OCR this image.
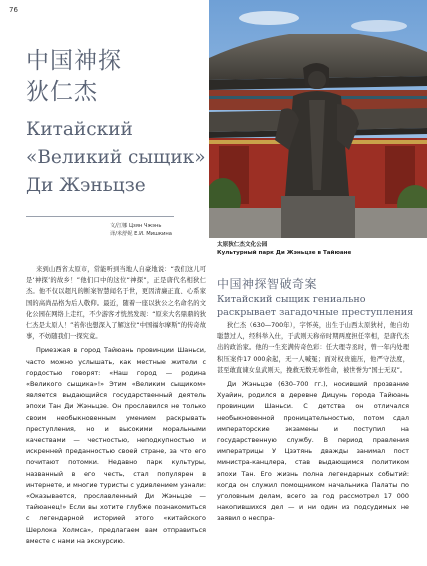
76
中国神探
狄仁杰
Китайский
«Великий сыщик»
Ди Жэньцзе
文/江娜 Цзян Чжэнь
译/米舒妮 Е.И. Мишкина
太原狄仁杰文化公园
Культурный парк Ди Жэньцзе в Тайюане

来到山西省太原市，常能听到当地人自豪地说：“我们这儿可是‘神探’的故乡！”他们口中的这位“神探”，正是唐代名相狄仁杰。他不仅以超凡的断案智慧闻名于世，更因清廉正直、心系家国的高尚品格为后人敬仰。最近，随着一座以狄公之名命名的文化公园在网络上走红，不少游客才恍然发现：“原来大名鼎鼎的狄仁杰是太原人！”若你也想深入了解这位“中国福尔摩斯”的传奇故事，不妨随我们一探究竟。

Приезжая в город Тайюань провинции Шаньси, часто можно услышать, как местные жители с гордостью говорят: «Наш город — родина «Великого сыщика»!» Этим «Великим сыщиком» является выдающийся государственный деятель эпохи Тан Ди Жэньцзе. Он прославился не только своим необыкновенным умением раскрывать преступления, но и высокими моральными качествами — честностью, неподкупностью и искренней преданностью своей стране, за что его почитают потомки. Недавно парк культуры, названный в его честь, стал популярен в интернете, и многие туристы с удивлением узнали: «Оказывается, прославленный Ди Жэньцзе — тайюанец!» Если вы хотите глубже познакомиться с легендарной историей этого «китайского Шерлока Холмса», предлагаем вам отправиться вместе с нами на экскурсию.

中国神探智破奇案
Китайский сыщик гениально раскрывает загадочные преступления

狄仁杰（630—700年），字怀英，出生于山西太原狄村，他自幼聪慧过人，经科举入仕，于武则天称帝时期两度担任宰相，是唐代杰出的政治家。他的一生充满传奇色彩：任大理寺丞时，曾一年内处理积压案件17 000余起，无一人喊冤；面对权贵施压，他严守法度，甚至敢直谏女皇武则天，挽救无数无辜性命，被世誉为“国士无双”。

Ди Жэньцзе (630–700 гг.), носивший прозвание Хуайин, родился в деревне Дицунь города Тайюань провинции Шаньси. С детства он отличался необыкновенной проницательностью, потом сдал императорские экзамены и поступил на государственную службу. В период правления императрицы У Цзэтянь дважды занимал пост министра-канцлера, став выдающимся политиком эпохи Тан. Его жизнь полна легендарных событий: когда он служил помощником начальника Палаты по уголовным делам, всего за год рассмотрел 17 000 накопившихся дел — и ни один из подсудимых не заявил о неспра-
